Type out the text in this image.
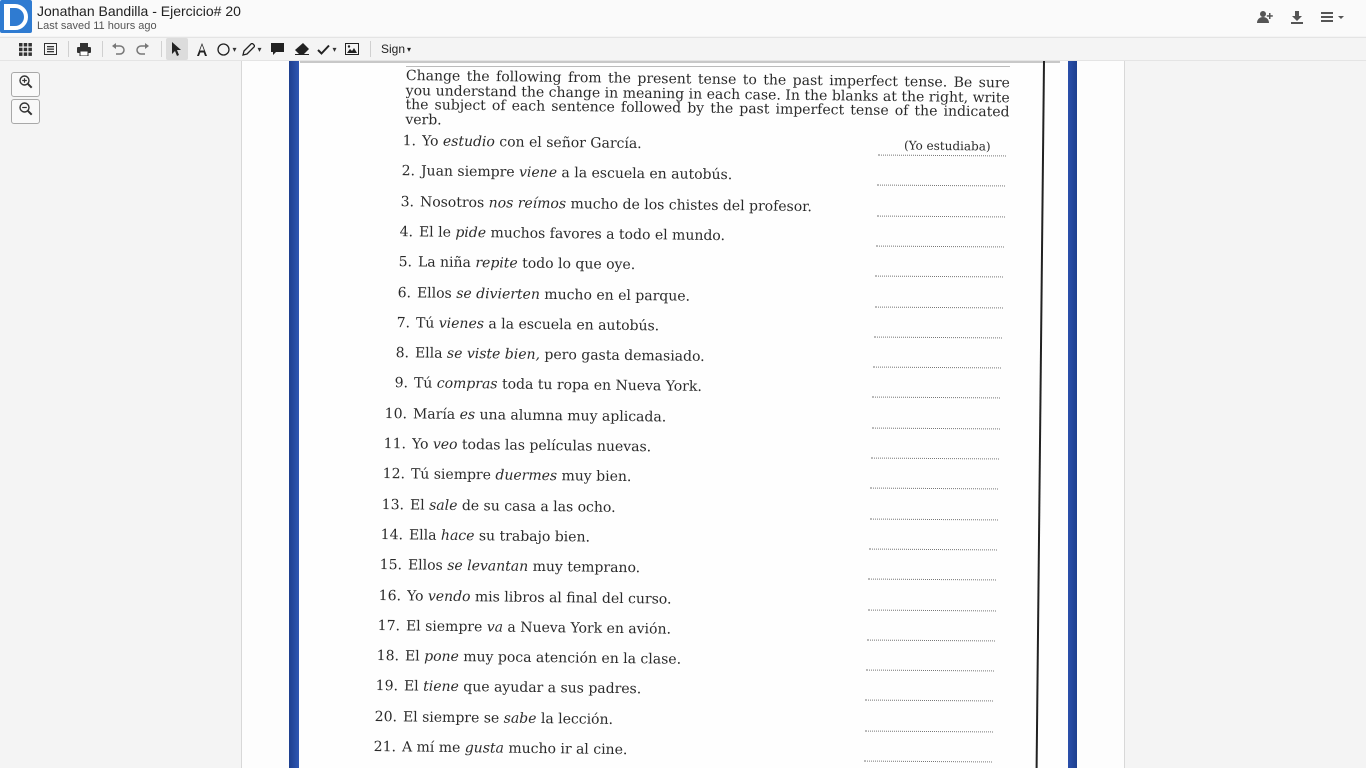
Jonathan Bandilla - Ejercicio# 20
Last saved 11 hours ago
▾	▾	▾	Sign ▾
Change the following from the present tense to the past imperfect tense. Be sure you understand the change in meaning in each case. In the blanks at the right, write the subject of each sentence followed by the past imperfect tense of the indicated verb.
(Yo estudiaba)
1. Yo estudio con el señor García.
2. Juan siempre viene a la escuela en autobús.
3. Nosotros nos reímos mucho de los chistes del profesor.
4. El le pide muchos favores a todo el mundo.
5. La niña repite todo lo que oye.
6. Ellos se divierten mucho en el parque.
7. Tú vienes a la escuela en autobús.
8. Ella se viste bien, pero gasta demasiado.
9. Tú compras toda tu ropa en Nueva York.
10. María es una alumna muy aplicada.
11. Yo veo todas las películas nuevas.
12. Tú siempre duermes muy bien.
13. El sale de su casa a las ocho.
14. Ella hace su trabajo bien.
15. Ellos se levantan muy temprano.
16. Yo vendo mis libros al final del curso.
17. El siempre va a Nueva York en avión.
18. El pone muy poca atención en la clase.
19. El tiene que ayudar a sus padres.
20. El siempre se sabe la lección.
21. A mí me gusta mucho ir al cine.
